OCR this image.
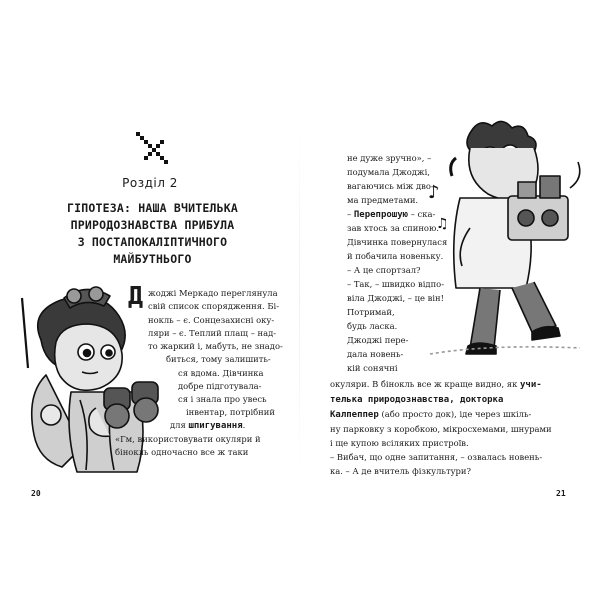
Розділ 2
ГІПОТЕЗА: НАША ВЧИТЕЛЬКА
ПРИРОДОЗНАВСТВА ПРИБУЛА
З ПОСТАПОКАЛІПТИЧНОГО
МАЙБУТНЬОГО
♪
♫
Д жоджі Меркадо переглянула
свій список спорядження. Бі-
нокль – є. Сонцезахисні оку-
ляри – є. Теплий плащ – над-
то жаркий і, мабуть, не знадо-
биться, тому залишить-
ся вдома. Дівчинка
добре підготувала-
ся і знала про увесь
інвентар, потрібний
для шпигування.
«Гм, використовувати окуляри й
бінокль одночасно все ж таки
20
не дуже зручно», –
подумала Джоджі,
вагаючись між дво-
ма предметами.
– Перепрошую – ска-
зав хтось за спиною.
Дівчинка повернулася
й побачила новеньку.
– А це спортзал?
– Так, – швидко відпо-
віла Джоджі, – це він!
Потримай,
будь ласка.
Джоджі пере-
дала новень-
кій сонячні
окуляри. В бінокль все ж краще видно, як учи-
телька природознавства, докторка
Калпеппер (або просто док), іде через шкіль-
ну парковку з коробкою, мікросхемами, шнурами
і ще купою всіляких пристроїв.
– Вибач, що одне запитання, – озвалась новень-
ка. – А де вчитель фізкультури?
21
